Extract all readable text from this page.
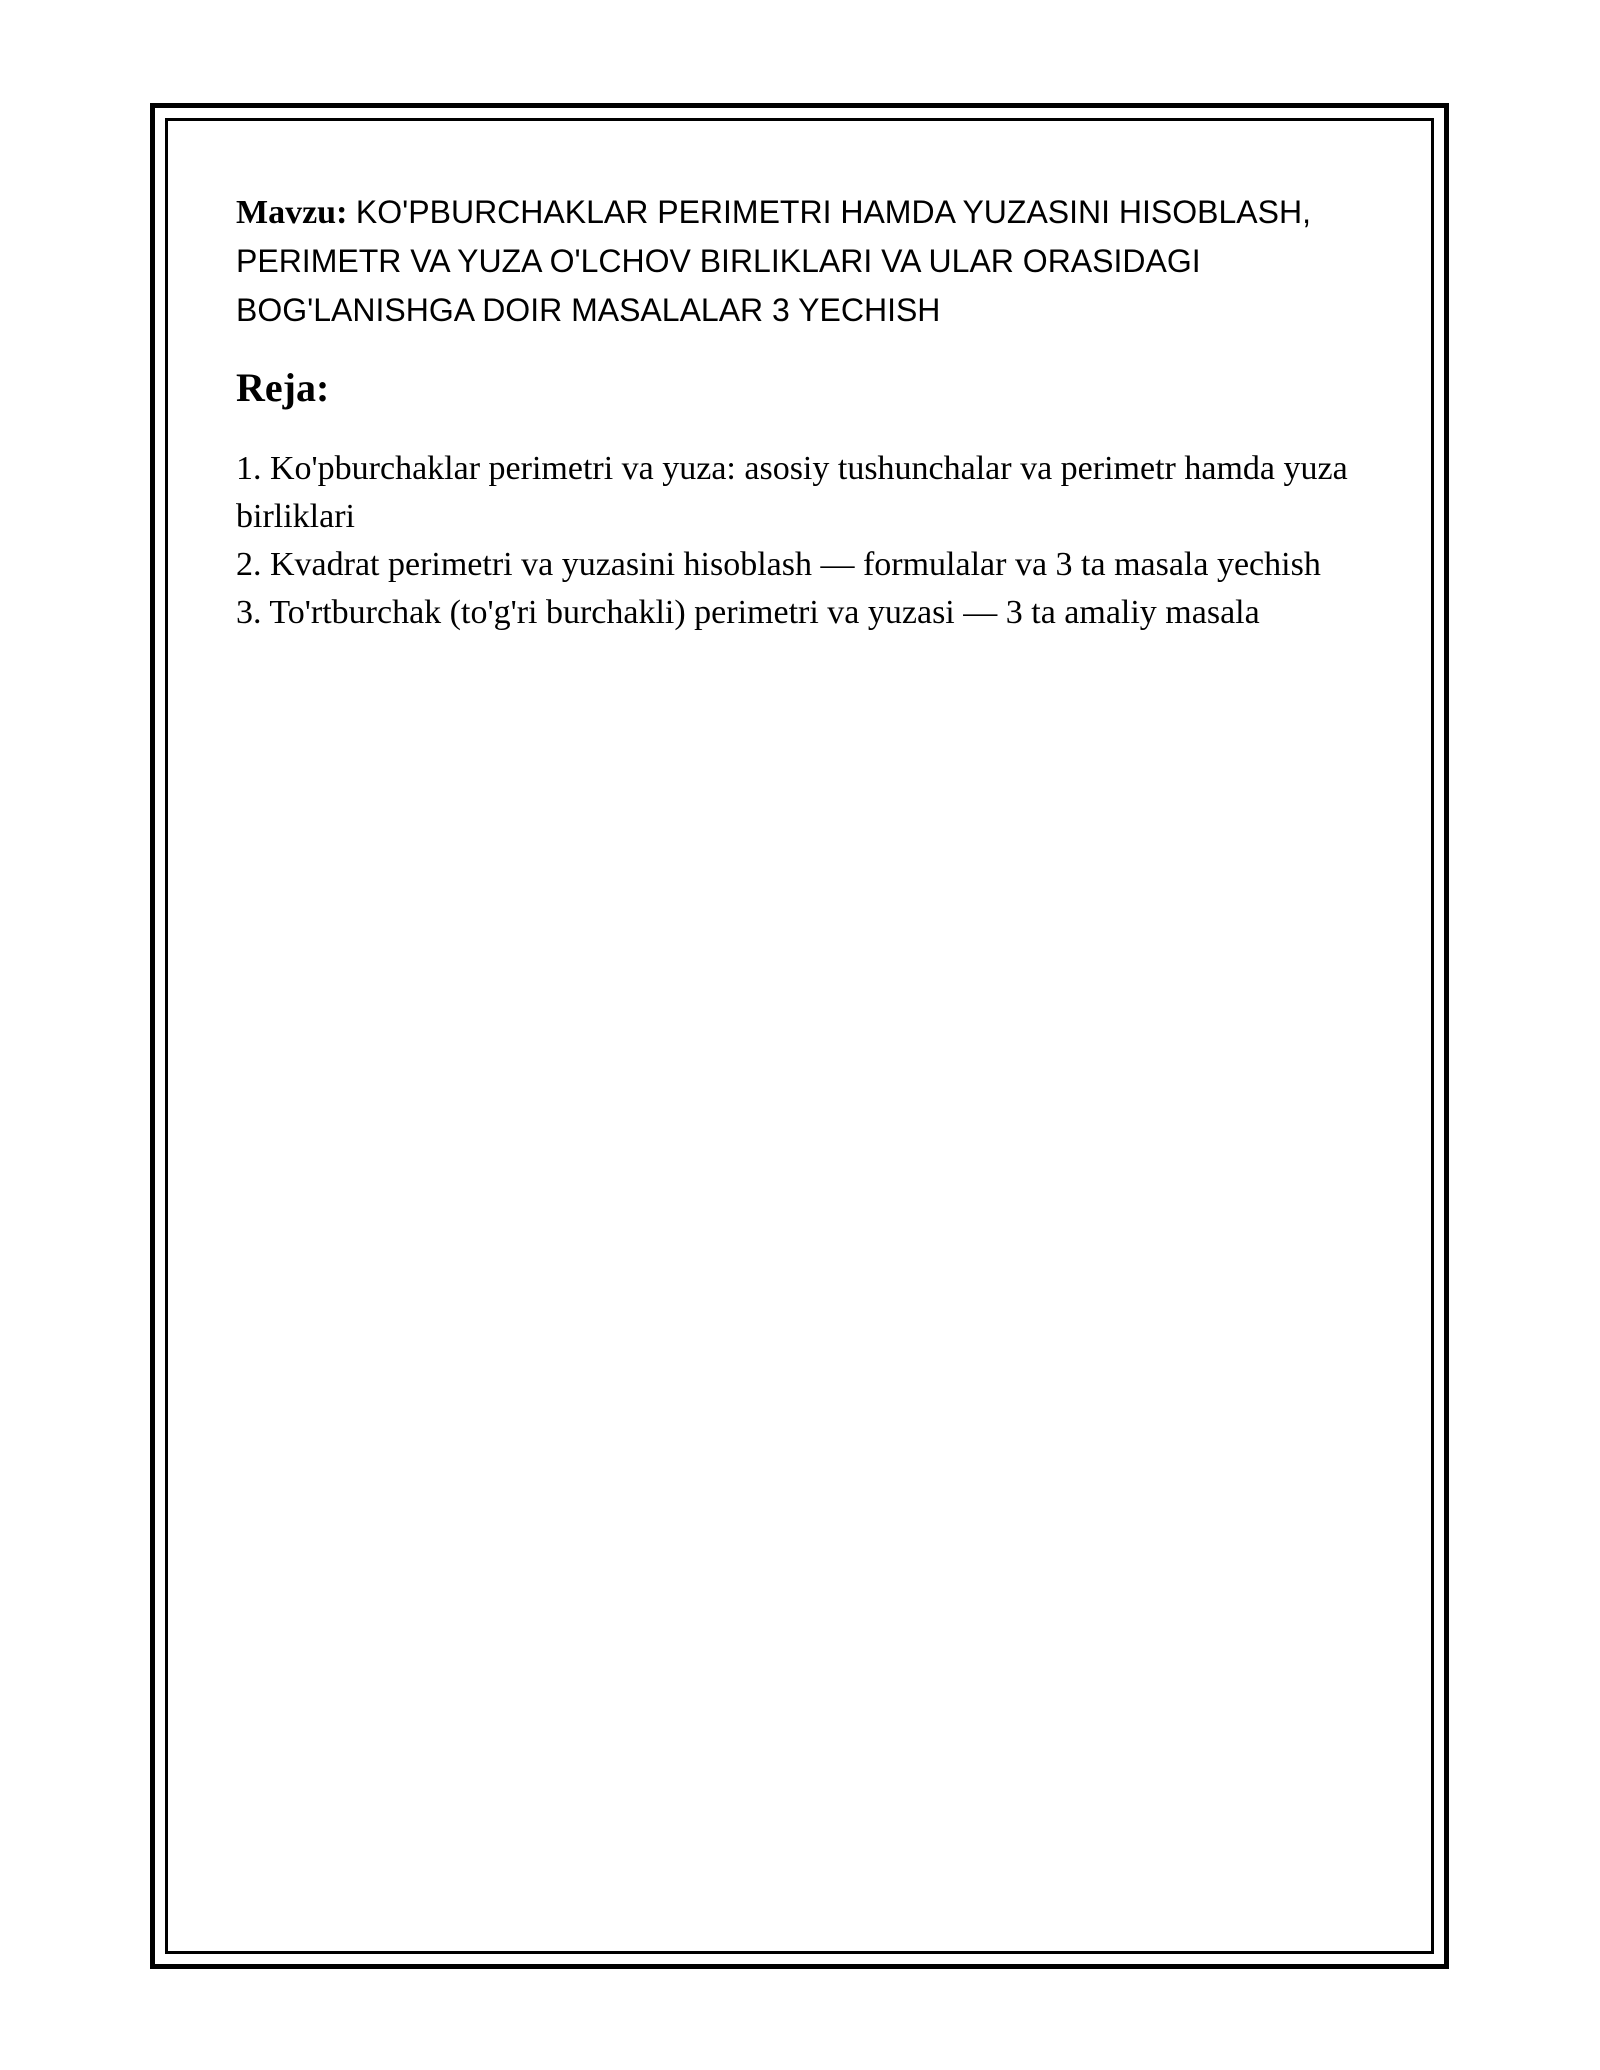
Mavzu: KO'PBURCHAKLAR PERIMETRI HAMDA YUZASINI HISOBLASH, PERIMETR VA YUZA O'LCHOV BIRLIKLARI VA ULAR ORASIDAGI BOG'LANISHGA DOIR MASALALAR 3 YECHISH

Reja:
1. Ko'pburchaklar perimetri va yuza: asosiy tushunchalar va perimetr hamda yuza birliklari
2. Kvadrat perimetri va yuzasini hisoblash — formulalar va 3 ta masala yechish
3. To'rtburchak (to'g'ri burchakli) perimetri va yuzasi — 3 ta amaliy masala
